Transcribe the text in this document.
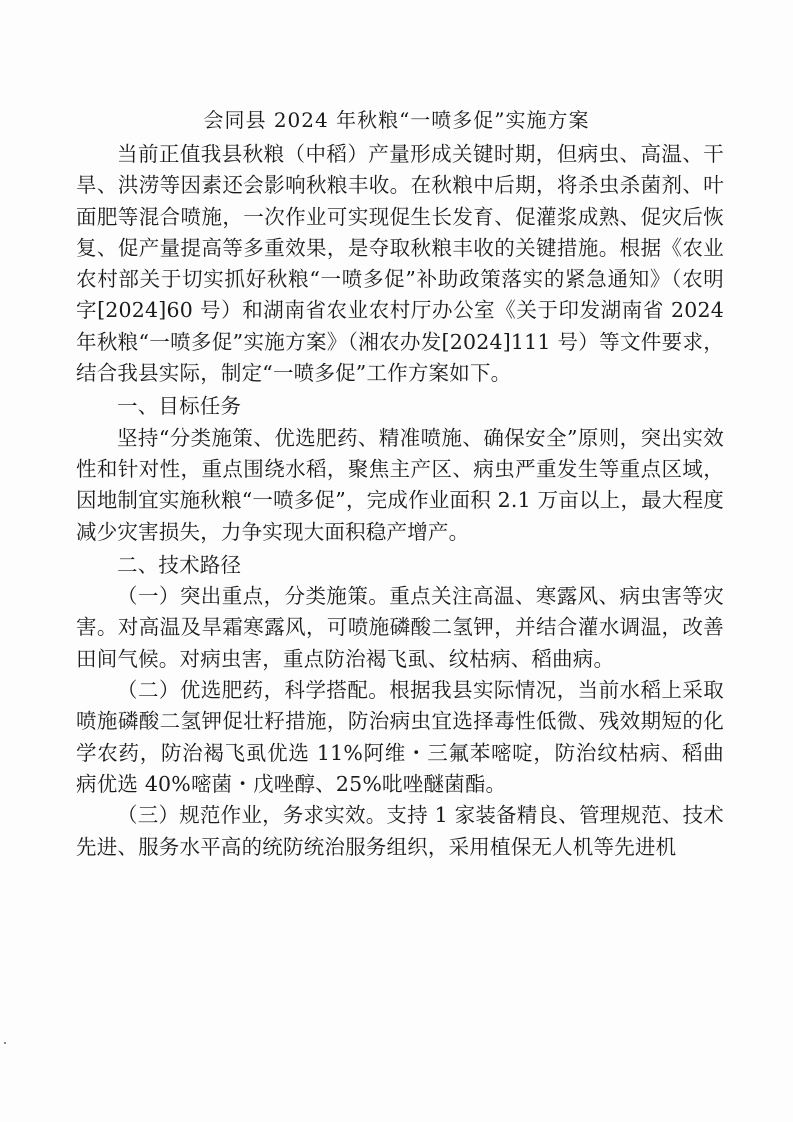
会同县 2024 年秋粮“一喷多促”实施方案

当前正值我县秋粮（中稻）产量形成关键时期，但病虫、高温、干旱、洪涝等因素还会影响秋粮丰收。在秋粮中后期，将杀虫杀菌剂、叶面肥等混合喷施，一次作业可实现促生长发育、促灌浆成熟、促灾后恢复、促产量提高等多重效果，是夺取秋粮丰收的关键措施。根据《农业农村部关于切实抓好秋粮“一喷多促”补助政策落实的紧急通知》（农明字[2024]60 号）和湖南省农业农村厅办公室《关于印发湖南省 2024 年秋粮“一喷多促”实施方案》（湘农办发[2024]111 号）等文件要求，结合我县实际，制定“一喷多促”工作方案如下。

一、目标任务

坚持“分类施策、优选肥药、精准喷施、确保安全”原则，突出实效性和针对性，重点围绕水稻，聚焦主产区、病虫严重发生等重点区域，因地制宜实施秋粮“一喷多促”，完成作业面积 2.1 万亩以上，最大程度减少灾害损失，力争实现大面积稳产增产。

二、技术路径

（一）突出重点，分类施策。重点关注高温、寒露风、病虫害等灾害。对高温及旱霜寒露风，可喷施磷酸二氢钾，并结合灌水调温，改善田间气候。对病虫害，重点防治褐飞虱、纹枯病、稻曲病。

（二）优选肥药，科学搭配。根据我县实际情况，当前水稻上采取喷施磷酸二氢钾促壮籽措施，防治病虫宜选择毒性低微、残效期短的化学农药，防治褐飞虱优选 11%阿维・三氟苯嘧啶，防治纹枯病、稻曲病优选 40%嘧菌・戊唑醇、25%吡唑醚菌酯。

（三）规范作业，务求实效。支持 1 家装备精良、管理规范、技术先进、服务水平高的统防统治服务组织，采用植保无人机等先进机
